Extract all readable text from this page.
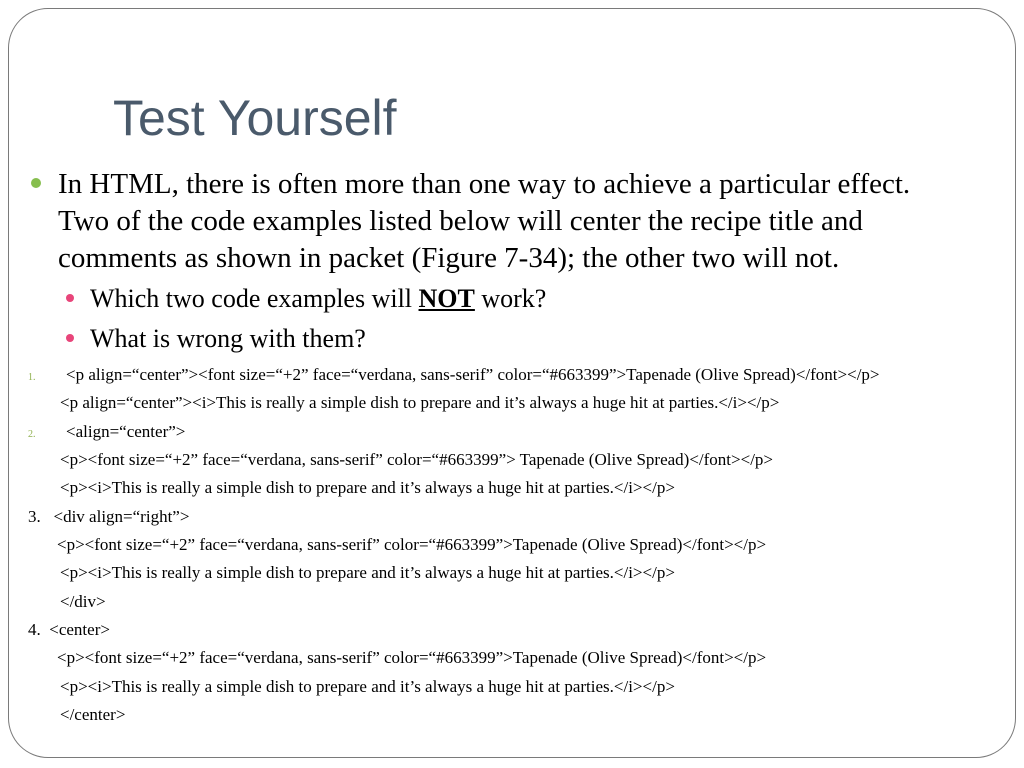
Test Yourself
In HTML, there is often more than one way to achieve a particular effect.
Two of the code examples listed below will center the recipe title and
comments as shown in packet (Figure 7-34); the other two will not.
Which two code examples will NOT work?
What is wrong with them?
1. <p align=“center”><font size=“+2” face=“verdana, sans-serif” color=“#663399”>Tapenade (Olive Spread)</font></p>
<p align=“center”><i>This is really a simple dish to prepare and it’s always a huge hit at parties.</i></p>
2. <align=“center”>
<p><font size=“+2” face=“verdana, sans-serif” color=“#663399”> Tapenade (Olive Spread)</font></p>
<p><i>This is really a simple dish to prepare and it’s always a huge hit at parties.</i></p>
3.   <div align=“right”>
<p><font size=“+2” face=“verdana, sans-serif” color=“#663399”>Tapenade (Olive Spread)</font></p>
<p><i>This is really a simple dish to prepare and it’s always a huge hit at parties.</i></p>
</div>
4.  <center>
<p><font size=“+2” face=“verdana, sans-serif” color=“#663399”>Tapenade (Olive Spread)</font></p>
<p><i>This is really a simple dish to prepare and it’s always a huge hit at parties.</i></p>
</center>
